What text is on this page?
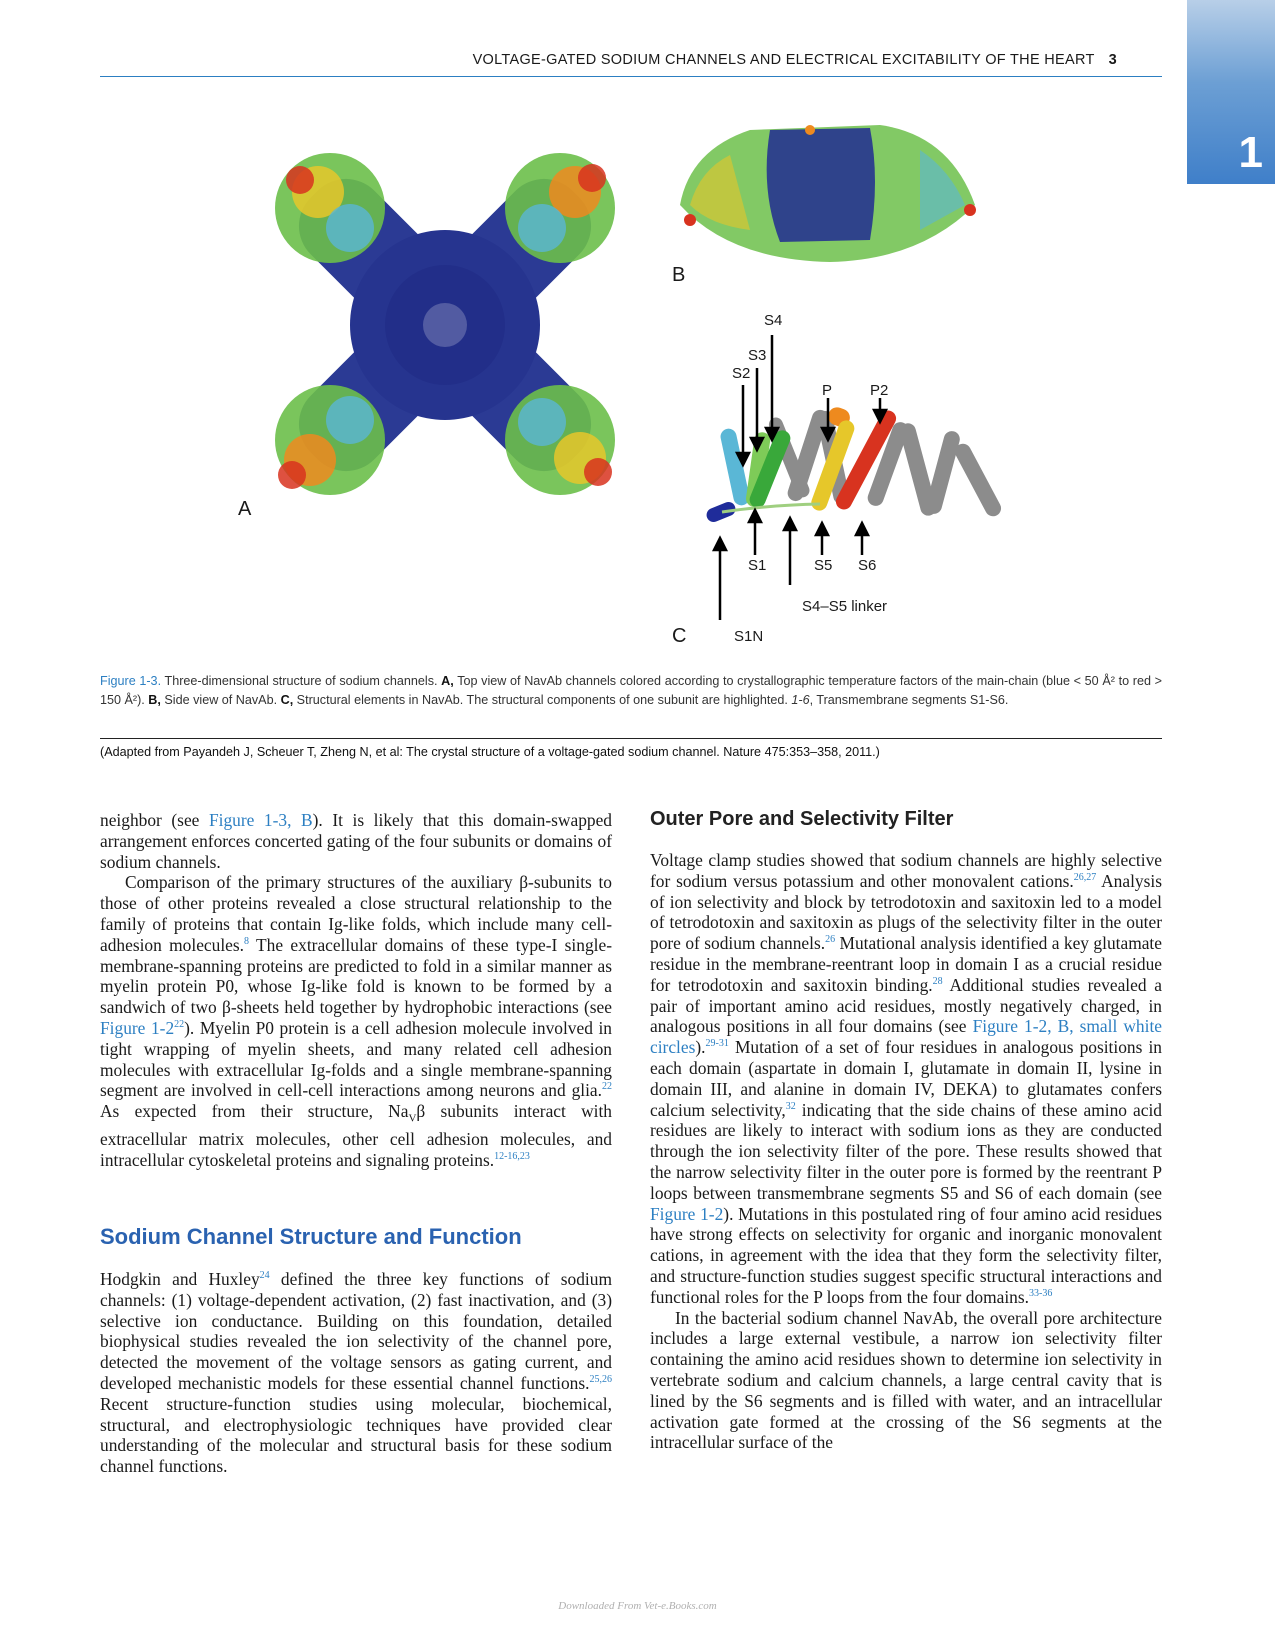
VOLTAGE-GATED SODIUM CHANNELS AND ELECTRICAL EXCITABILITY OF THE HEART 3
1
A
B
C
S2
S3
S4
P	P2
S1	S5 S6
S4–S5 linker
S1N
Figure 1-3. Three-dimensional structure of sodium channels. A, Top view of NavAb channels colored according to crystallographic temperature factors of the main-chain (blue < 50 Å² to red > 150 Å²). B, Side view of NavAb. C, Structural elements in NavAb. The structural components of one subunit are highlighted. 1-6, Transmembrane segments S1-S6.
(Adapted from Payandeh J, Scheuer T, Zheng N, et al: The crystal structure of a voltage-gated sodium channel. Nature 475:353–358, 2011.)

neighbor (see Figure 1-3, B). It is likely that this domain-swapped arrangement enforces concerted gating of the four subunits or domains of sodium channels.

Comparison of the primary structures of the auxiliary β-subunits to those of other proteins revealed a close structural relationship to the family of proteins that contain Ig-like folds, which include many cell-adhesion molecules.$^8$ The extracellular domains of these type-I single-membrane-spanning proteins are predicted to fold in a similar manner as myelin protein P0, whose Ig-like fold is known to be formed by a sandwich of two β-sheets held together by hydrophobic interactions (see Figure $1-2^{22}$). Myelin P0 protein is a cell adhesion molecule involved in tight wrapping of myelin sheets, and many related cell adhesion molecules with extracellular Ig-folds and a single membrane-spanning segment are involved in cell-cell interactions among neurons and glia.$^{22}$ As expected from their structure, $Na_V\beta$ subunits interact with extracellular matrix molecules, other cell adhesion molecules, and intracellular cytoskeletal proteins and signaling proteins.$^{12-16,23}$

Sodium Channel Structure and Function

Hodgkin and Huxley$^{24}$ defined the three key functions of sodium channels: (1) voltage-dependent activation, (2) fast inactivation, and (3) selective ion conductance. Building on this foundation, detailed biophysical studies revealed the ion selectivity of the channel pore, detected the movement of the voltage sensors as gating current, and developed mechanistic models for these essential channel functions.$^{25,26}$ Recent structure-function studies using molecular, biochemical, structural, and electrophysiologic techniques have provided clear understanding of the molecular and structural basis for these sodium channel functions.

Outer Pore and Selectivity Filter

Voltage clamp studies showed that sodium channels are highly selective for sodium versus potassium and other monovalent cations.$^{26,27}$ Analysis of ion selectivity and block by tetrodotoxin and saxitoxin led to a model of tetrodotoxin and saxitoxin as plugs of the selectivity filter in the outer pore of sodium channels.$^{26}$ Mutational analysis identified a key glutamate residue in the membrane-reentrant loop in domain I as a crucial residue for tetrodotoxin and saxitoxin binding.$^{28}$ Additional studies revealed a pair of important amino acid residues, mostly negatively charged, in analogous positions in all four domains (see Figure 1-2, B, small white circles).$^{29-31}$ Mutation of a set of four residues in analogous positions in each domain (aspartate in domain I, glutamate in domain II, lysine in domain III, and alanine in domain IV, DEKA) to glutamates confers calcium selectivity,$^{32}$ indicating that the side chains of these amino acid residues are likely to interact with sodium ions as they are conducted through the ion selectivity filter of the pore. These results showed that the narrow selectivity filter in the outer pore is formed by the reentrant P loops between transmembrane segments S5 and S6 of each domain (see Figure 1-2). Mutations in this postulated ring of four amino acid residues have strong effects on selectivity for organic and inorganic monovalent cations, in agreement with the idea that they form the selectivity filter, and structure-function studies suggest specific structural interactions and functional roles for the P loops from the four domains.$^{33-36}$

In the bacterial sodium channel NavAb, the overall pore architecture includes a large external vestibule, a narrow ion selectivity filter containing the amino acid residues shown to determine ion selectivity in vertebrate sodium and calcium channels, a large central cavity that is lined by the S6 segments and is filled with water, and an intracellular activation gate formed at the crossing of the S6 segments at the intracellular surface of the

Downloaded From Vet-e.Books.com
